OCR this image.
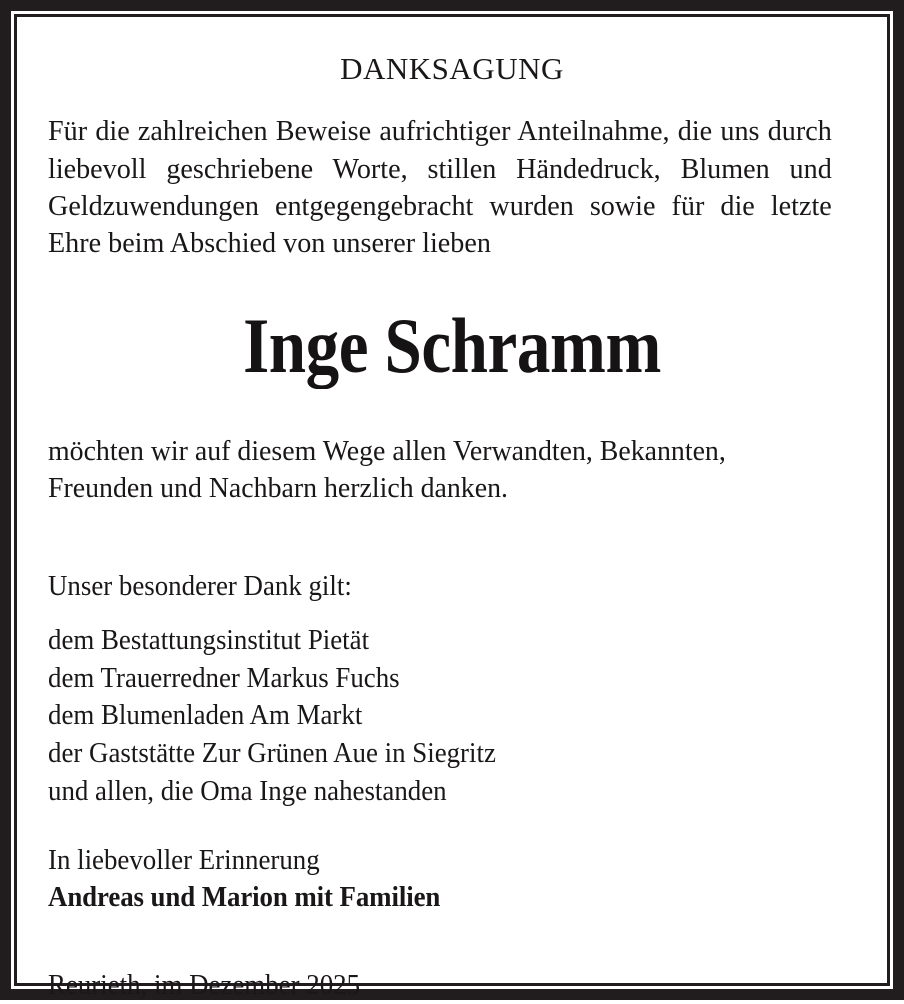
DANKSAGUNG

Für die zahlreichen Beweise aufrichtiger Anteilnahme, die uns durch liebevoll geschriebene Worte, stillen Händedruck, Blumen und Geldzuwendungen entgegengebracht wurden sowie für die letzte Ehre beim Abschied von unserer lieben

Inge Schramm

möchten wir auf diesem Wege allen Verwandten, Bekannten, Freunden und Nachbarn herzlich danken.

Unser besonderer Dank gilt:
dem Bestattungsinstitut Pietät
dem Trauerredner Markus Fuchs
dem Blumenladen Am Markt
der Gaststätte Zur Grünen Aue in Siegritz
und allen, die Oma Inge nahestanden
In liebevoller Erinnerung
Andreas und Marion mit Familien
Reurieth, im Dezember 2025
